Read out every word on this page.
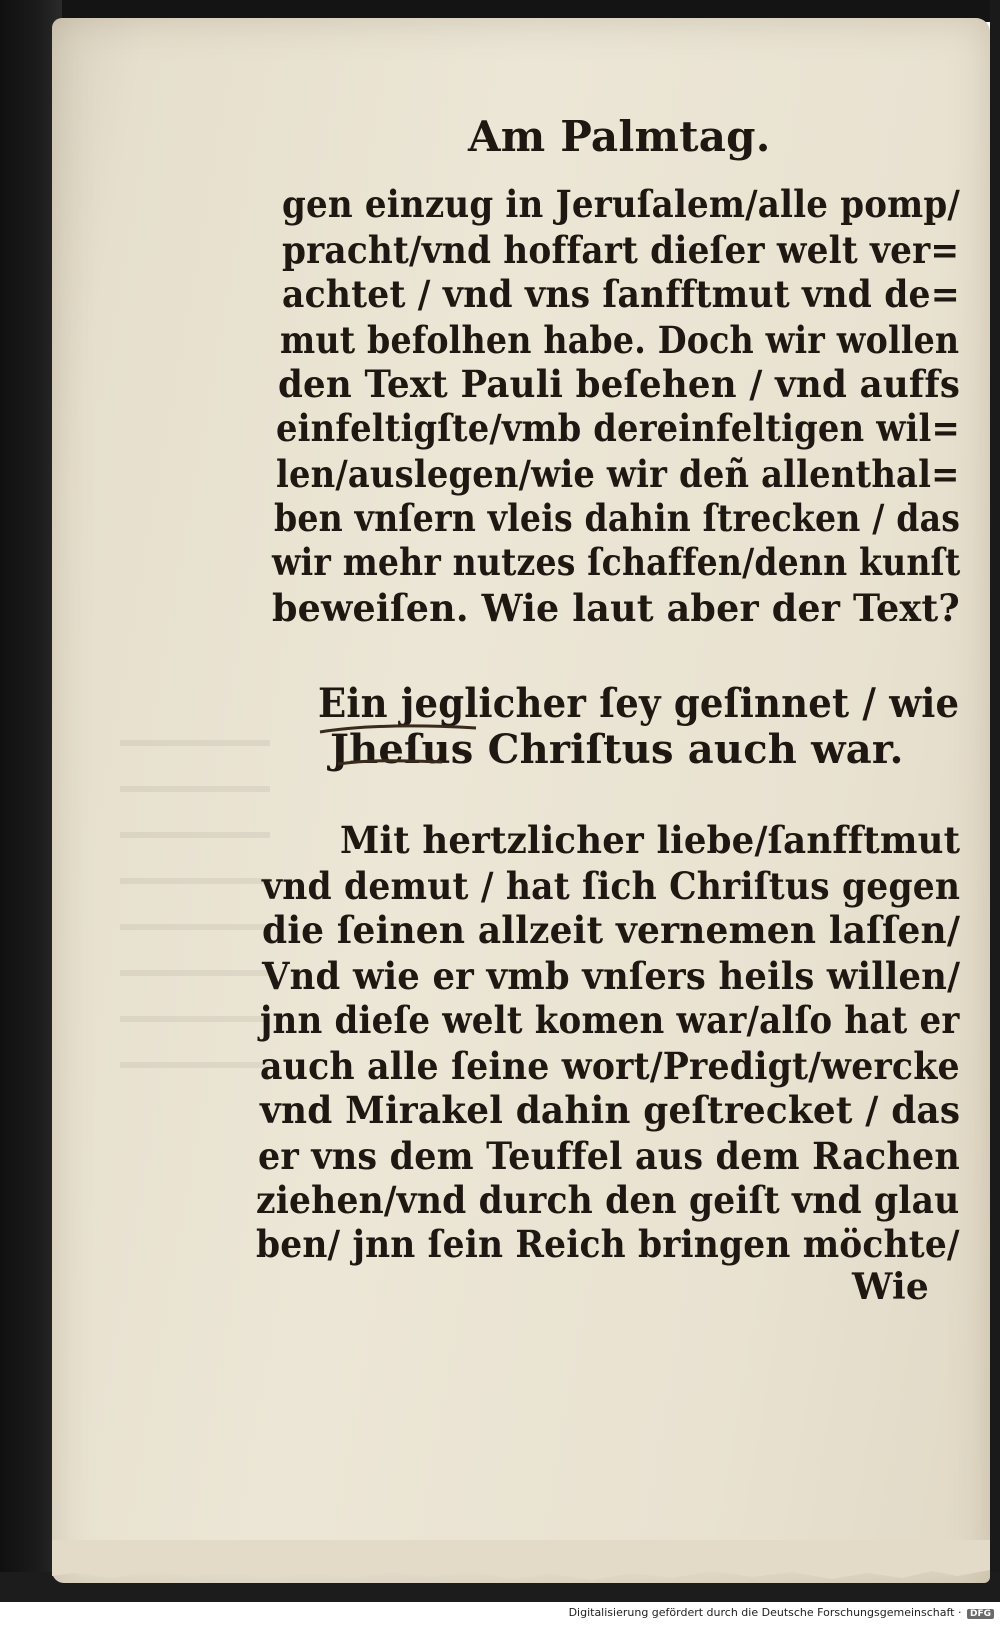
Am Palmtag.
gen einzug in Jeruſalem/alle pomp/
pracht/vnd hoffart dieſer welt ver=
achtet / vnd vns ſanfftmut vnd de=
mut befolhen habe. Doch wir wollen
den Text Pauli beſehen / vnd auffs
einfeltigſte/vmb dereinfeltigen wil=
len/auslegen/wie wir deñ allenthal=
ben vnſern vleis dahin ſtrecken / das
wir mehr nutzes ſchaffen/denn kunſt
beweiſen. Wie laut aber der Text?
Ein jeglicher ſey geſinnet / wie
Jheſus Chriſtus auch war.
Mit hertzlicher liebe/ſanfftmut
vnd demut / hat ſich Chriſtus gegen
die ſeinen allzeit vernemen laſſen/
Vnd wie er vmb vnſers heils willen/
jnn dieſe welt komen war/alſo hat er
auch alle ſeine wort/Predigt/wercke
vnd Mirakel dahin geſtrecket / das
er vns dem Teuffel aus dem Rachen
ziehen/vnd durch den geiſt vnd glau
ben/ jnn ſein Reich bringen möchte/
Wie
Digitalisierung gefördert durch die Deutsche Forschungsgemeinschaft · DFG
